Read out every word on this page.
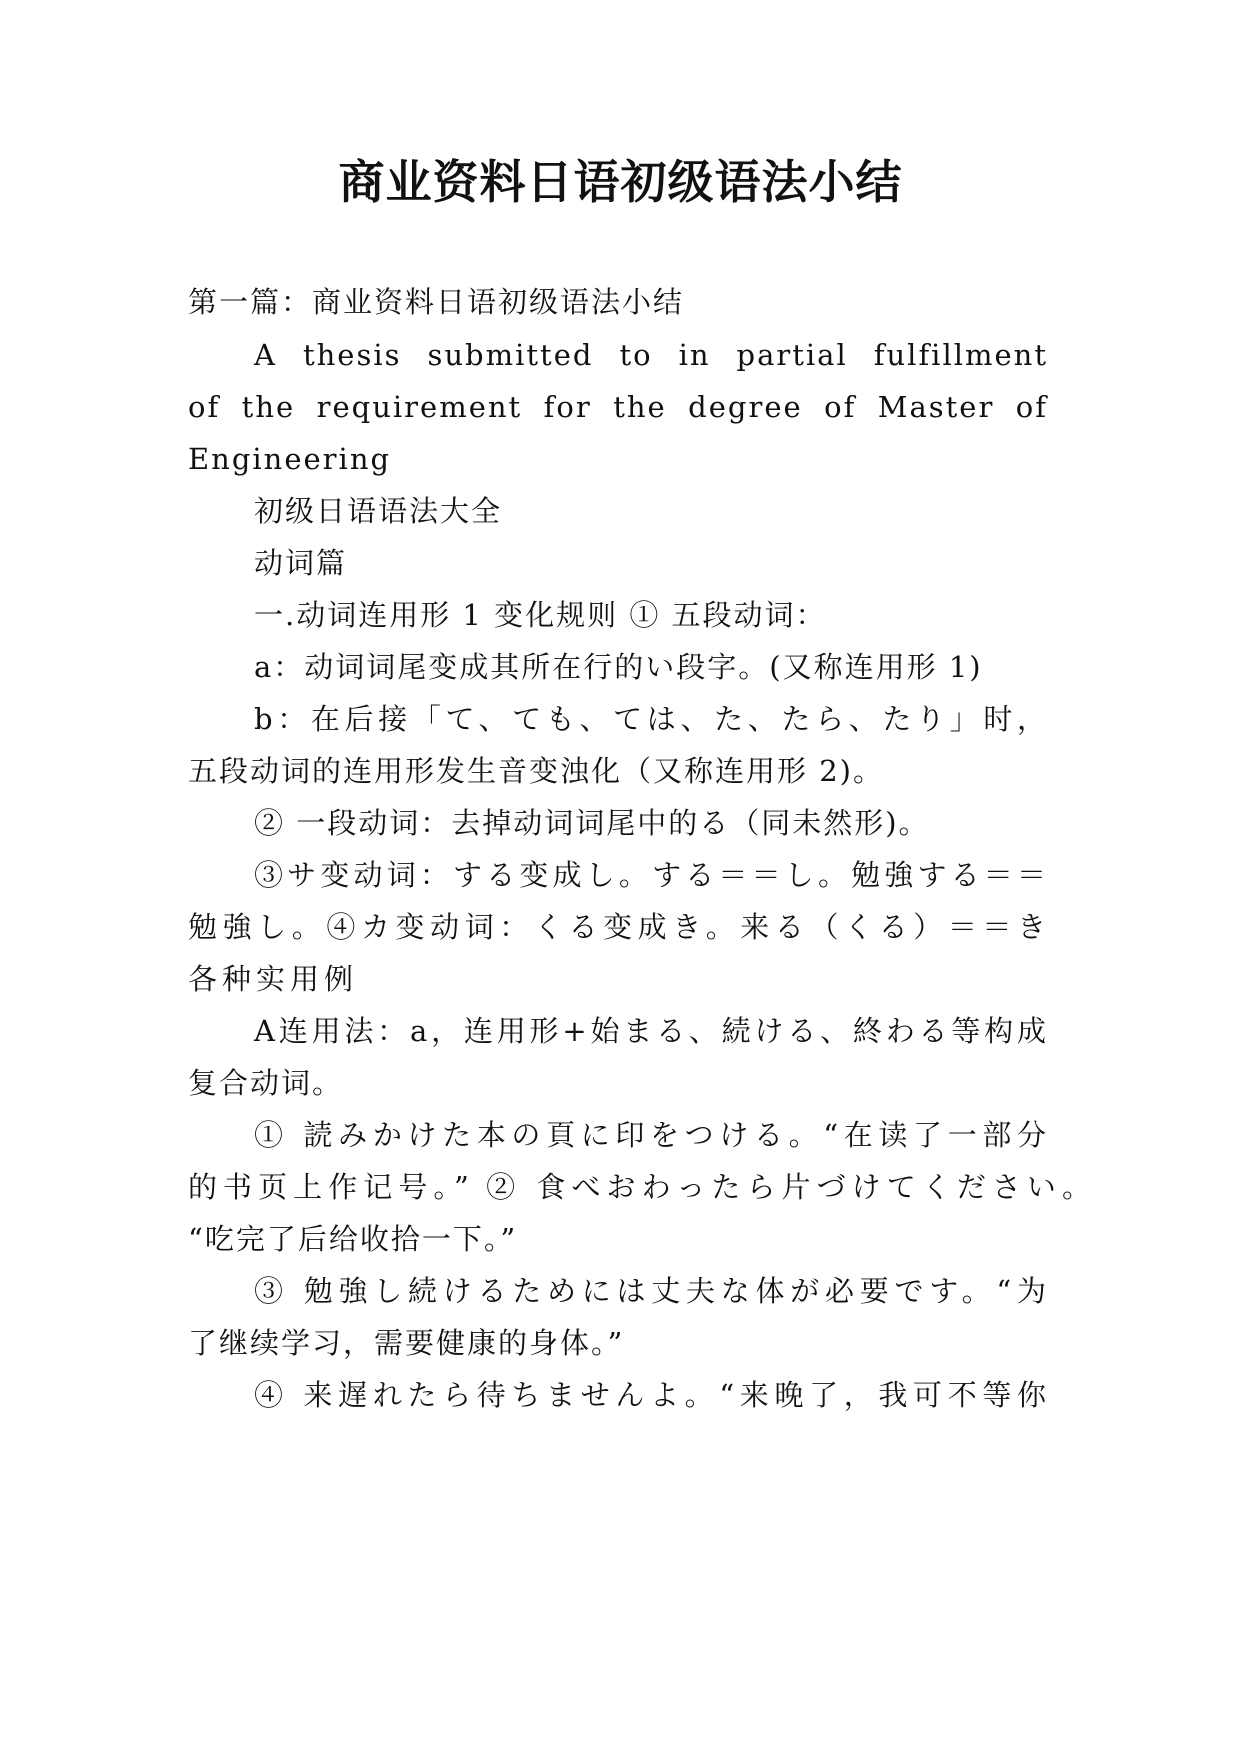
商业资料日语初级语法小结
第一篇：商业资料日语初级语法小结
A thesis submitted to in partial fulfillment
of the requirement for the degree of Master of
Engineering
初级日语语法大全
动词篇
一.动词连用形 1 变化规则 ① 五段动词：
a：动词词尾变成其所在行的い段字。(又称连用形 1)
b：在后接「て、ても、ては、た、たら、たり」时，
五段动词的连用形发生音变浊化（又称连用形 2)。
② 一段动词：去掉动词词尾中的る（同未然形)。
③サ变动词：する变成し。する＝＝し。勉強する＝＝
勉強し。④カ变动词：くる变成き。来る（くる）＝＝き
各种实用例
A连用法：a，连用形+始まる、続ける、終わる等构成
复合动词。
① 読みかけた本の頁に印をつける。“在读了一部分
的书页上作记号。” ② 食べおわったら片づけてください。
“吃完了后给收拾一下。”
③ 勉強し続けるためには丈夫な体が必要です。“为
了继续学习，需要健康的身体。”
④ 来遅れたら待ちませんよ。“来晚了，我可不等你
